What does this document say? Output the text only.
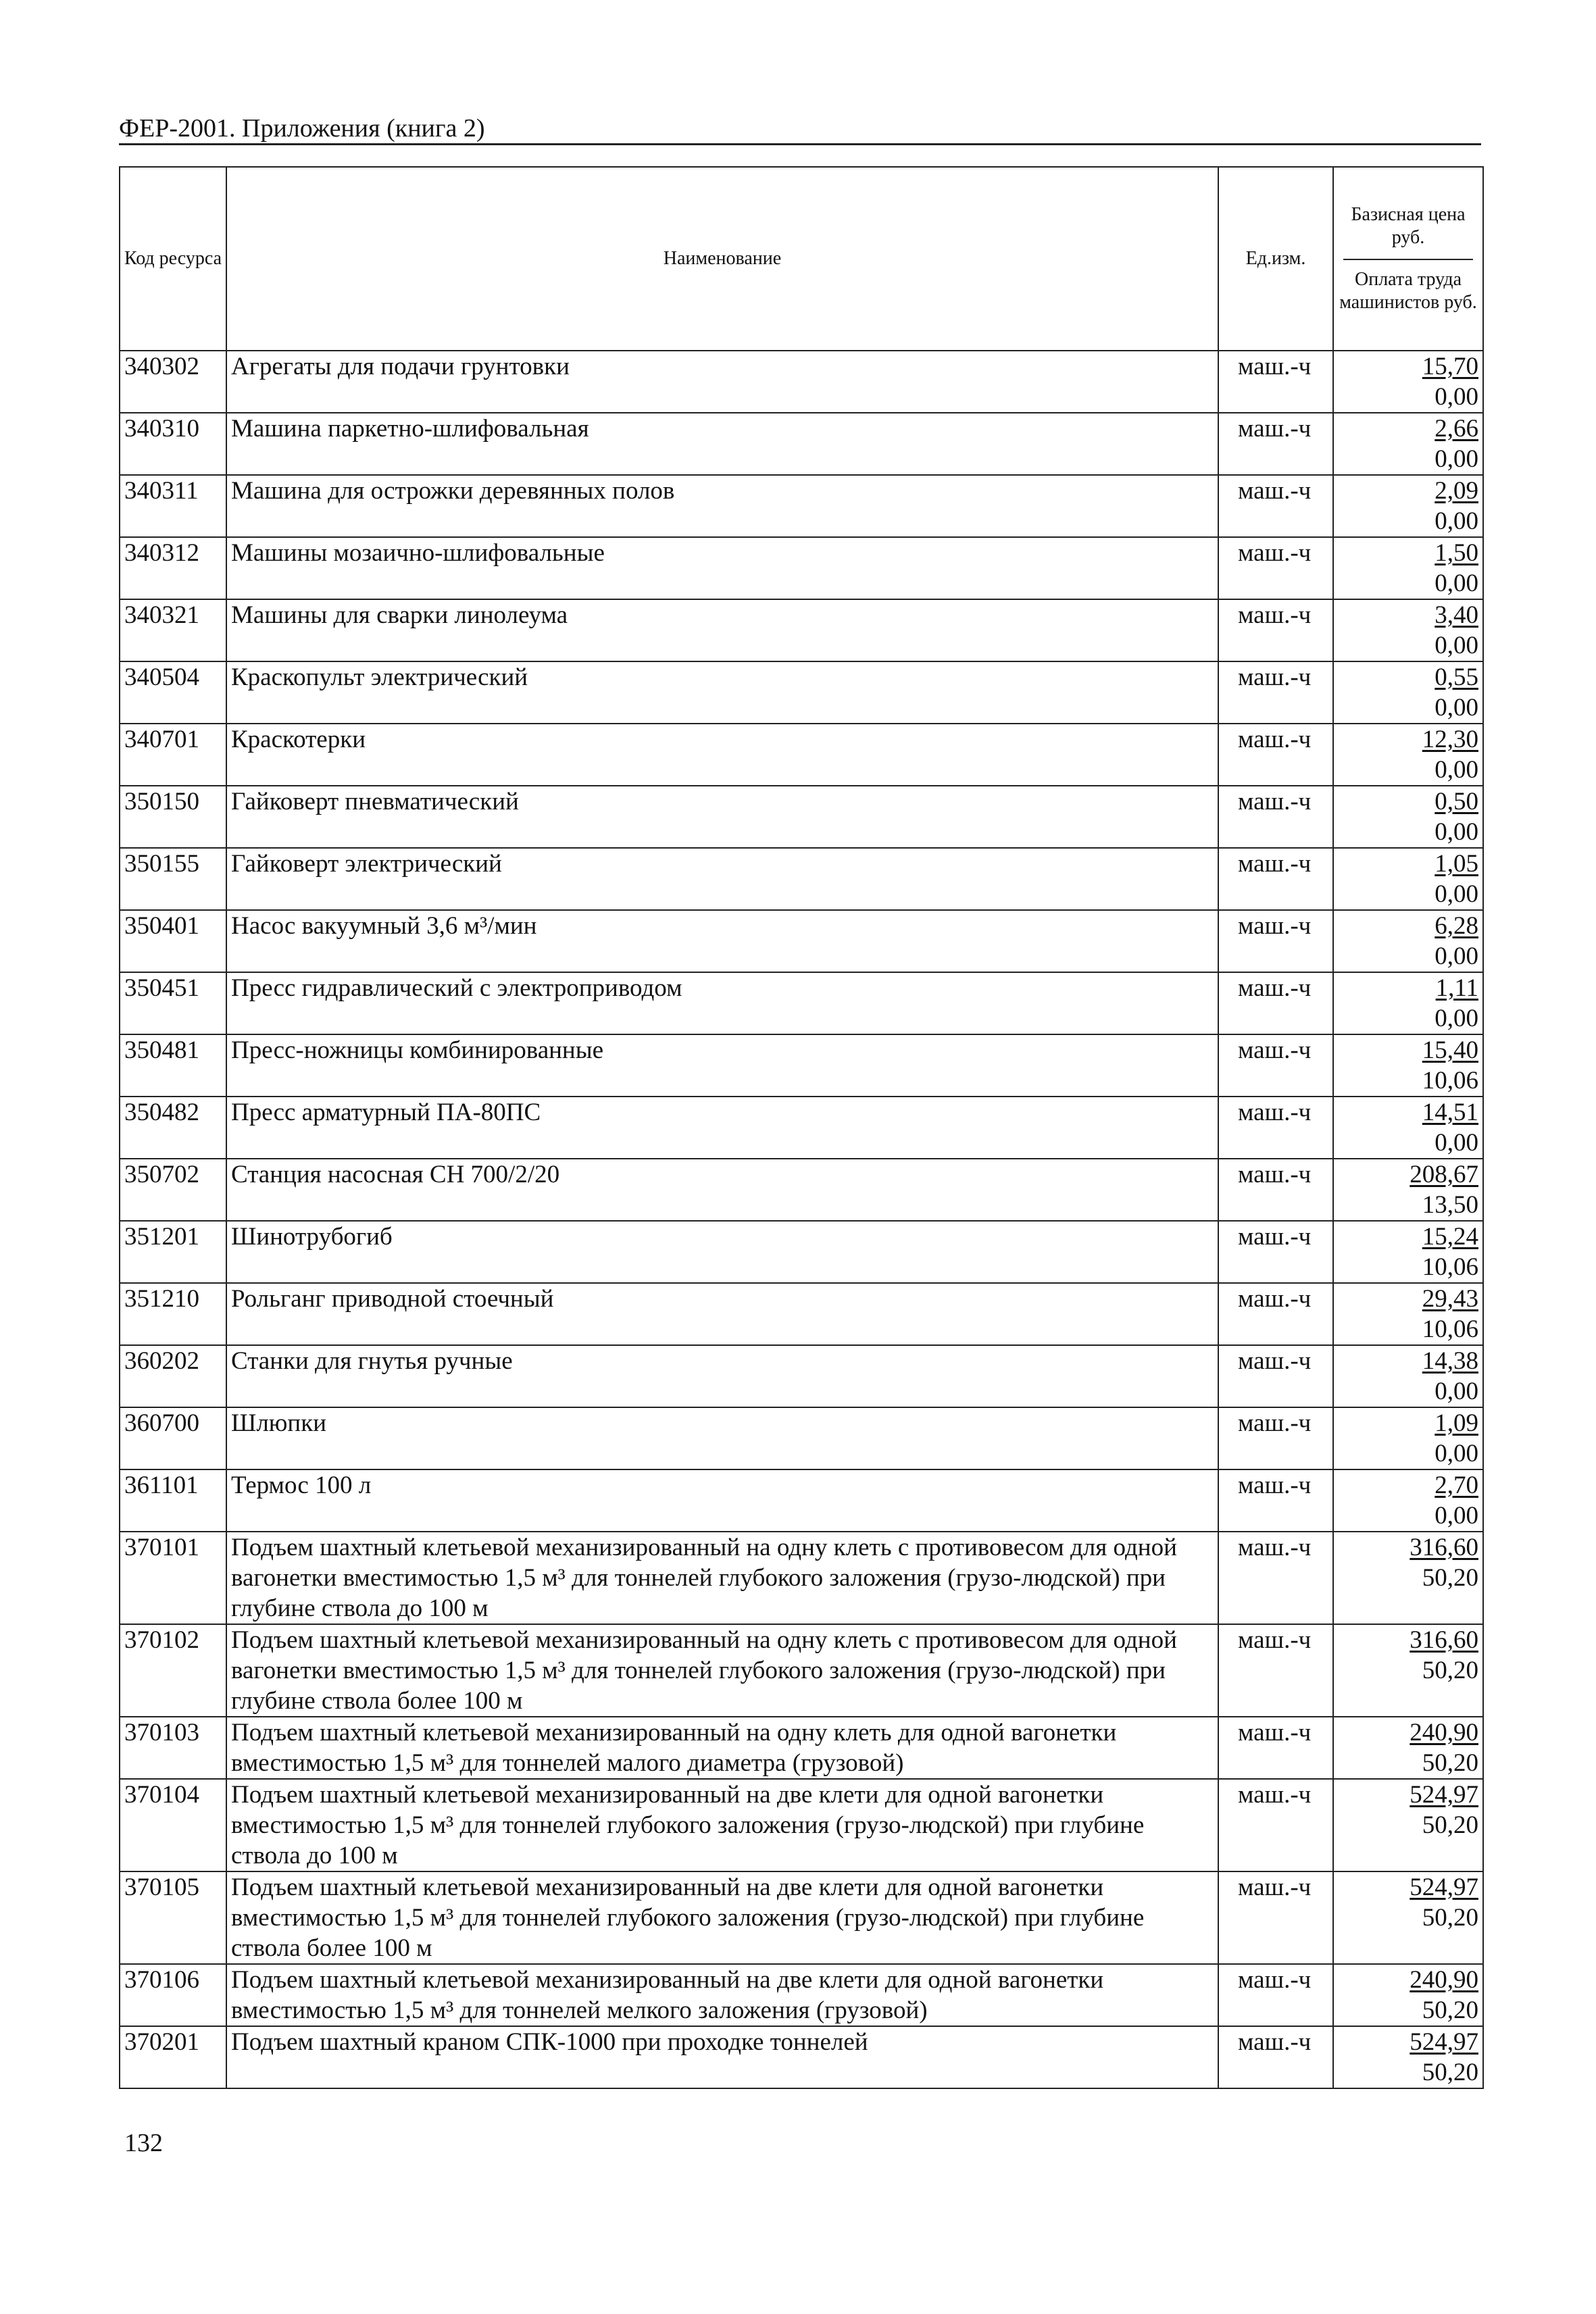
ФЕР-2001. Приложения (книга 2)
Код ресурса	Наименование	Ед.изм.	Базисная цена руб.
Оплата труда машинистов руб.

340302	Агрегаты для подачи грунтовки	маш.-ч	15,70
0,00

340310	Машина паркетно-шлифовальная	маш.-ч	2,66
0,00

340311	Машина для острожки деревянных полов	маш.-ч	2,09
0,00

340312	Машины мозаично-шлифовальные	маш.-ч	1,50
0,00

340321	Машины для сварки линолеума	маш.-ч	3,40
0,00

340504	Краскопульт электрический	маш.-ч	0,55
0,00

340701	Краскотерки	маш.-ч	12,30
0,00

350150	Гайковерт пневматический	маш.-ч	0,50
0,00

350155	Гайковерт электрический	маш.-ч	1,05
0,00

350401	Насос вакуумный 3,6 м³/мин	маш.-ч	6,28
0,00

350451	Пресс гидравлический с электроприводом	маш.-ч	1,11
0,00

350481	Пресс-ножницы комбинированные	маш.-ч	15,40
10,06

350482	Пресс арматурный ПА-80ПС	маш.-ч	14,51
0,00

350702	Станция насосная СН 700/2/20	маш.-ч	208,67
13,50

351201	Шинотрубогиб	маш.-ч	15,24
10,06

351210	Рольганг приводной стоечный	маш.-ч	29,43
10,06

360202	Станки для гнутья ручные	маш.-ч	14,38
0,00

360700	Шлюпки	маш.-ч	1,09
0,00

361101	Термос 100 л	маш.-ч	2,70
0,00

370101	Подъем шахтный клетьевой механизированный на одну клеть с противовесом для одной вагонетки вместимостью 1,5 м³ для тоннелей глубокого заложения (грузо-людской) при глубине ствола до 100 м	маш.-ч	316,60
50,20

370102	Подъем шахтный клетьевой механизированный на одну клеть с противовесом для одной вагонетки вместимостью 1,5 м³ для тоннелей глубокого заложения (грузо-людской) при глубине ствола более 100 м	маш.-ч	316,60
50,20

370103	Подъем шахтный клетьевой механизированный на одну клеть для одной вагонетки вместимостью 1,5 м³ для тоннелей малого диаметра (грузовой)	маш.-ч	240,90
50,20

370104	Подъем шахтный клетьевой механизированный на две клети для одной вагонетки вместимостью 1,5 м³ для тоннелей глубокого заложения (грузо-людской) при глубине ствола до 100 м	маш.-ч	524,97
50,20

370105	Подъем шахтный клетьевой механизированный на две клети для одной вагонетки вместимостью 1,5 м³ для тоннелей глубокого заложения (грузо-людской) при глубине ствола более 100 м	маш.-ч	524,97
50,20

370106	Подъем шахтный клетьевой механизированный на две клети для одной вагонетки вместимостью 1,5 м³ для тоннелей мелкого заложения (грузовой)	маш.-ч	240,90
50,20

370201	Подъем шахтный краном СПК-1000 при проходке тоннелей	маш.-ч	524,97
50,20
132
